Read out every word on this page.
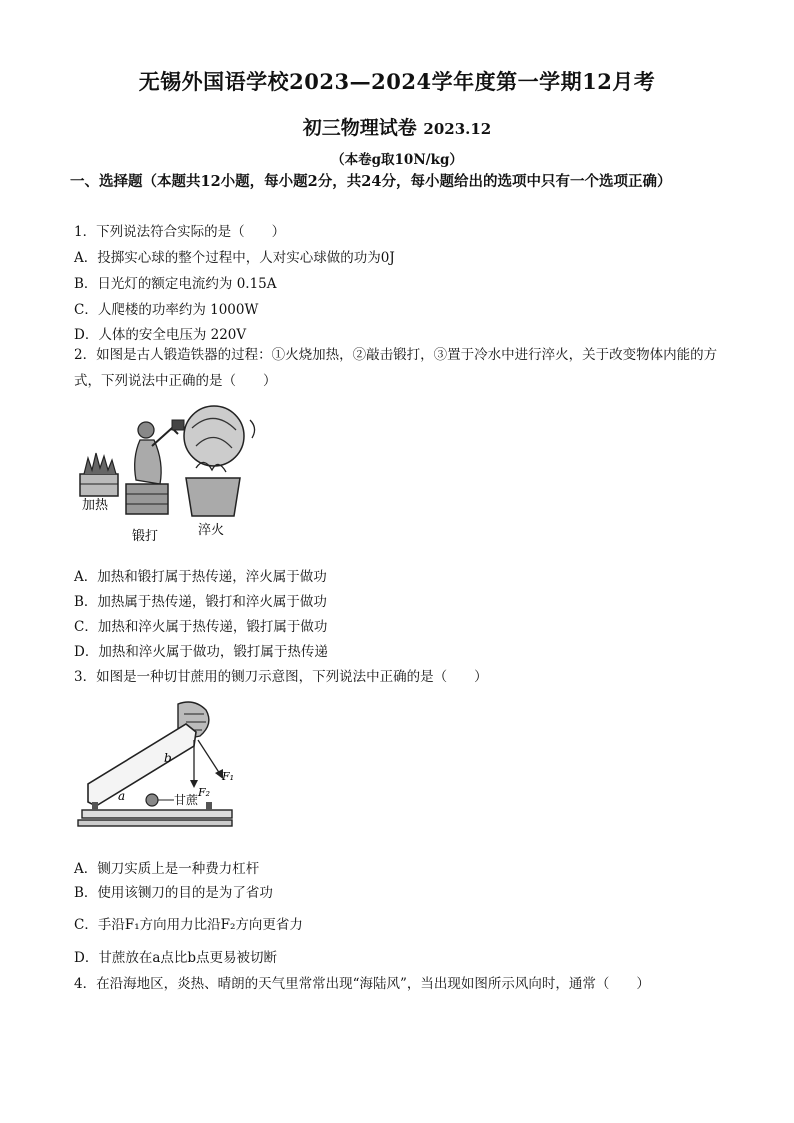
无锡外国语学校2023—2024学年度第一学期12月考
初三物理试卷 2023.12
（本卷g取10N/kg）
一、选择题（本题共12小题，每小题2分，共24分，每小题给出的选项中只有一个选项正确）
1．下列说法符合实际的是（　　）
A．投掷实心球的整个过程中，人对实心球做的功为0J
B．日光灯的额定电流约为 0.15A
C．人爬楼的功率约为 1000W
D．人体的安全电压为 220V
2．如图是古人锻造铁器的过程：①火烧加热，②敲击锻打，③置于冷水中进行淬火，关于改变物体内能的方式，下列说法中正确的是（　　）
加热
锻打	淬火
A．加热和锻打属于热传递，淬火属于做功
B．加热属于热传递，锻打和淬火属于做功
C．加热和淬火属于热传递，锻打属于做功
D．加热和淬火属于做功，锻打属于热传递
3．如图是一种切甘蔗用的铡刀示意图，下列说法中正确的是（　　）
a
b
甘蔗
F₁
F₂
A．铡刀实质上是一种费力杠杆
B．使用该铡刀的目的是为了省功
C．手沿F₁方向用力比沿F₂方向更省力
D．甘蔗放在a点比b点更易被切断
4．在沿海地区，炎热、晴朗的天气里常常出现“海陆风”，当出现如图所示风向时，通常（　　）
